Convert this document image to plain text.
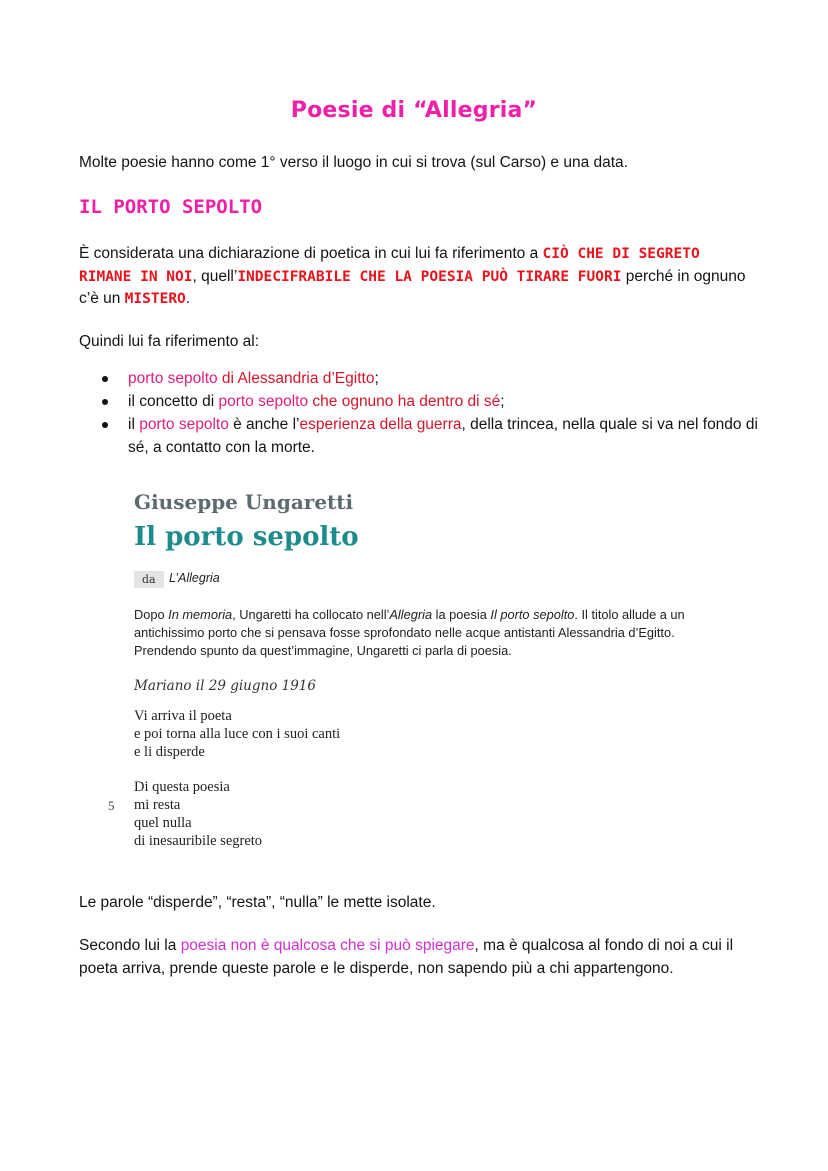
Poesie di “Allegria”
Molte poesie hanno come 1° verso il luogo in cui si trova (sul Carso) e una data.
IL PORTO SEPOLTO
È considerata una dichiarazione di poetica in cui lui fa riferimento a CIÒ CHE DI SEGRETO RIMANE IN NOI, quell’INDECIFRABILE CHE LA POESIA PUÒ TIRARE FUORI perché in ognuno c’è un MISTERO.
Quindi lui fa riferimento al:
porto sepolto di Alessandria d’Egitto;
il concetto di porto sepolto che ognuno ha dentro di sé;
il porto sepolto è anche l’esperienza della guerra, della trincea, nella quale si va nel fondo di sé, a contatto con la morte.
Giuseppe Ungaretti
Il porto sepolto
da	L’Allegria
Dopo In memoria, Ungaretti ha collocato nell’Allegria la poesia Il porto sepolto. Il titolo allude a un antichissimo porto che si pensava fosse sprofondato nelle acque antistanti Alessandria d’Egitto. Prendendo spunto da quest’immagine, Ungaretti ci parla di poesia.
Mariano il 29 giugno 1916
Vi arriva il poeta
e poi torna alla luce con i suoi canti
e li disperde
5
Di questa poesia
mi resta
quel nulla
di inesauribile segreto
Le parole “disperde”, “resta”, “nulla” le mette isolate.
Secondo lui la poesia non è qualcosa che si può spiegare, ma è qualcosa al fondo di noi a cui il poeta arriva, prende queste parole e le disperde, non sapendo più a chi appartengono.
